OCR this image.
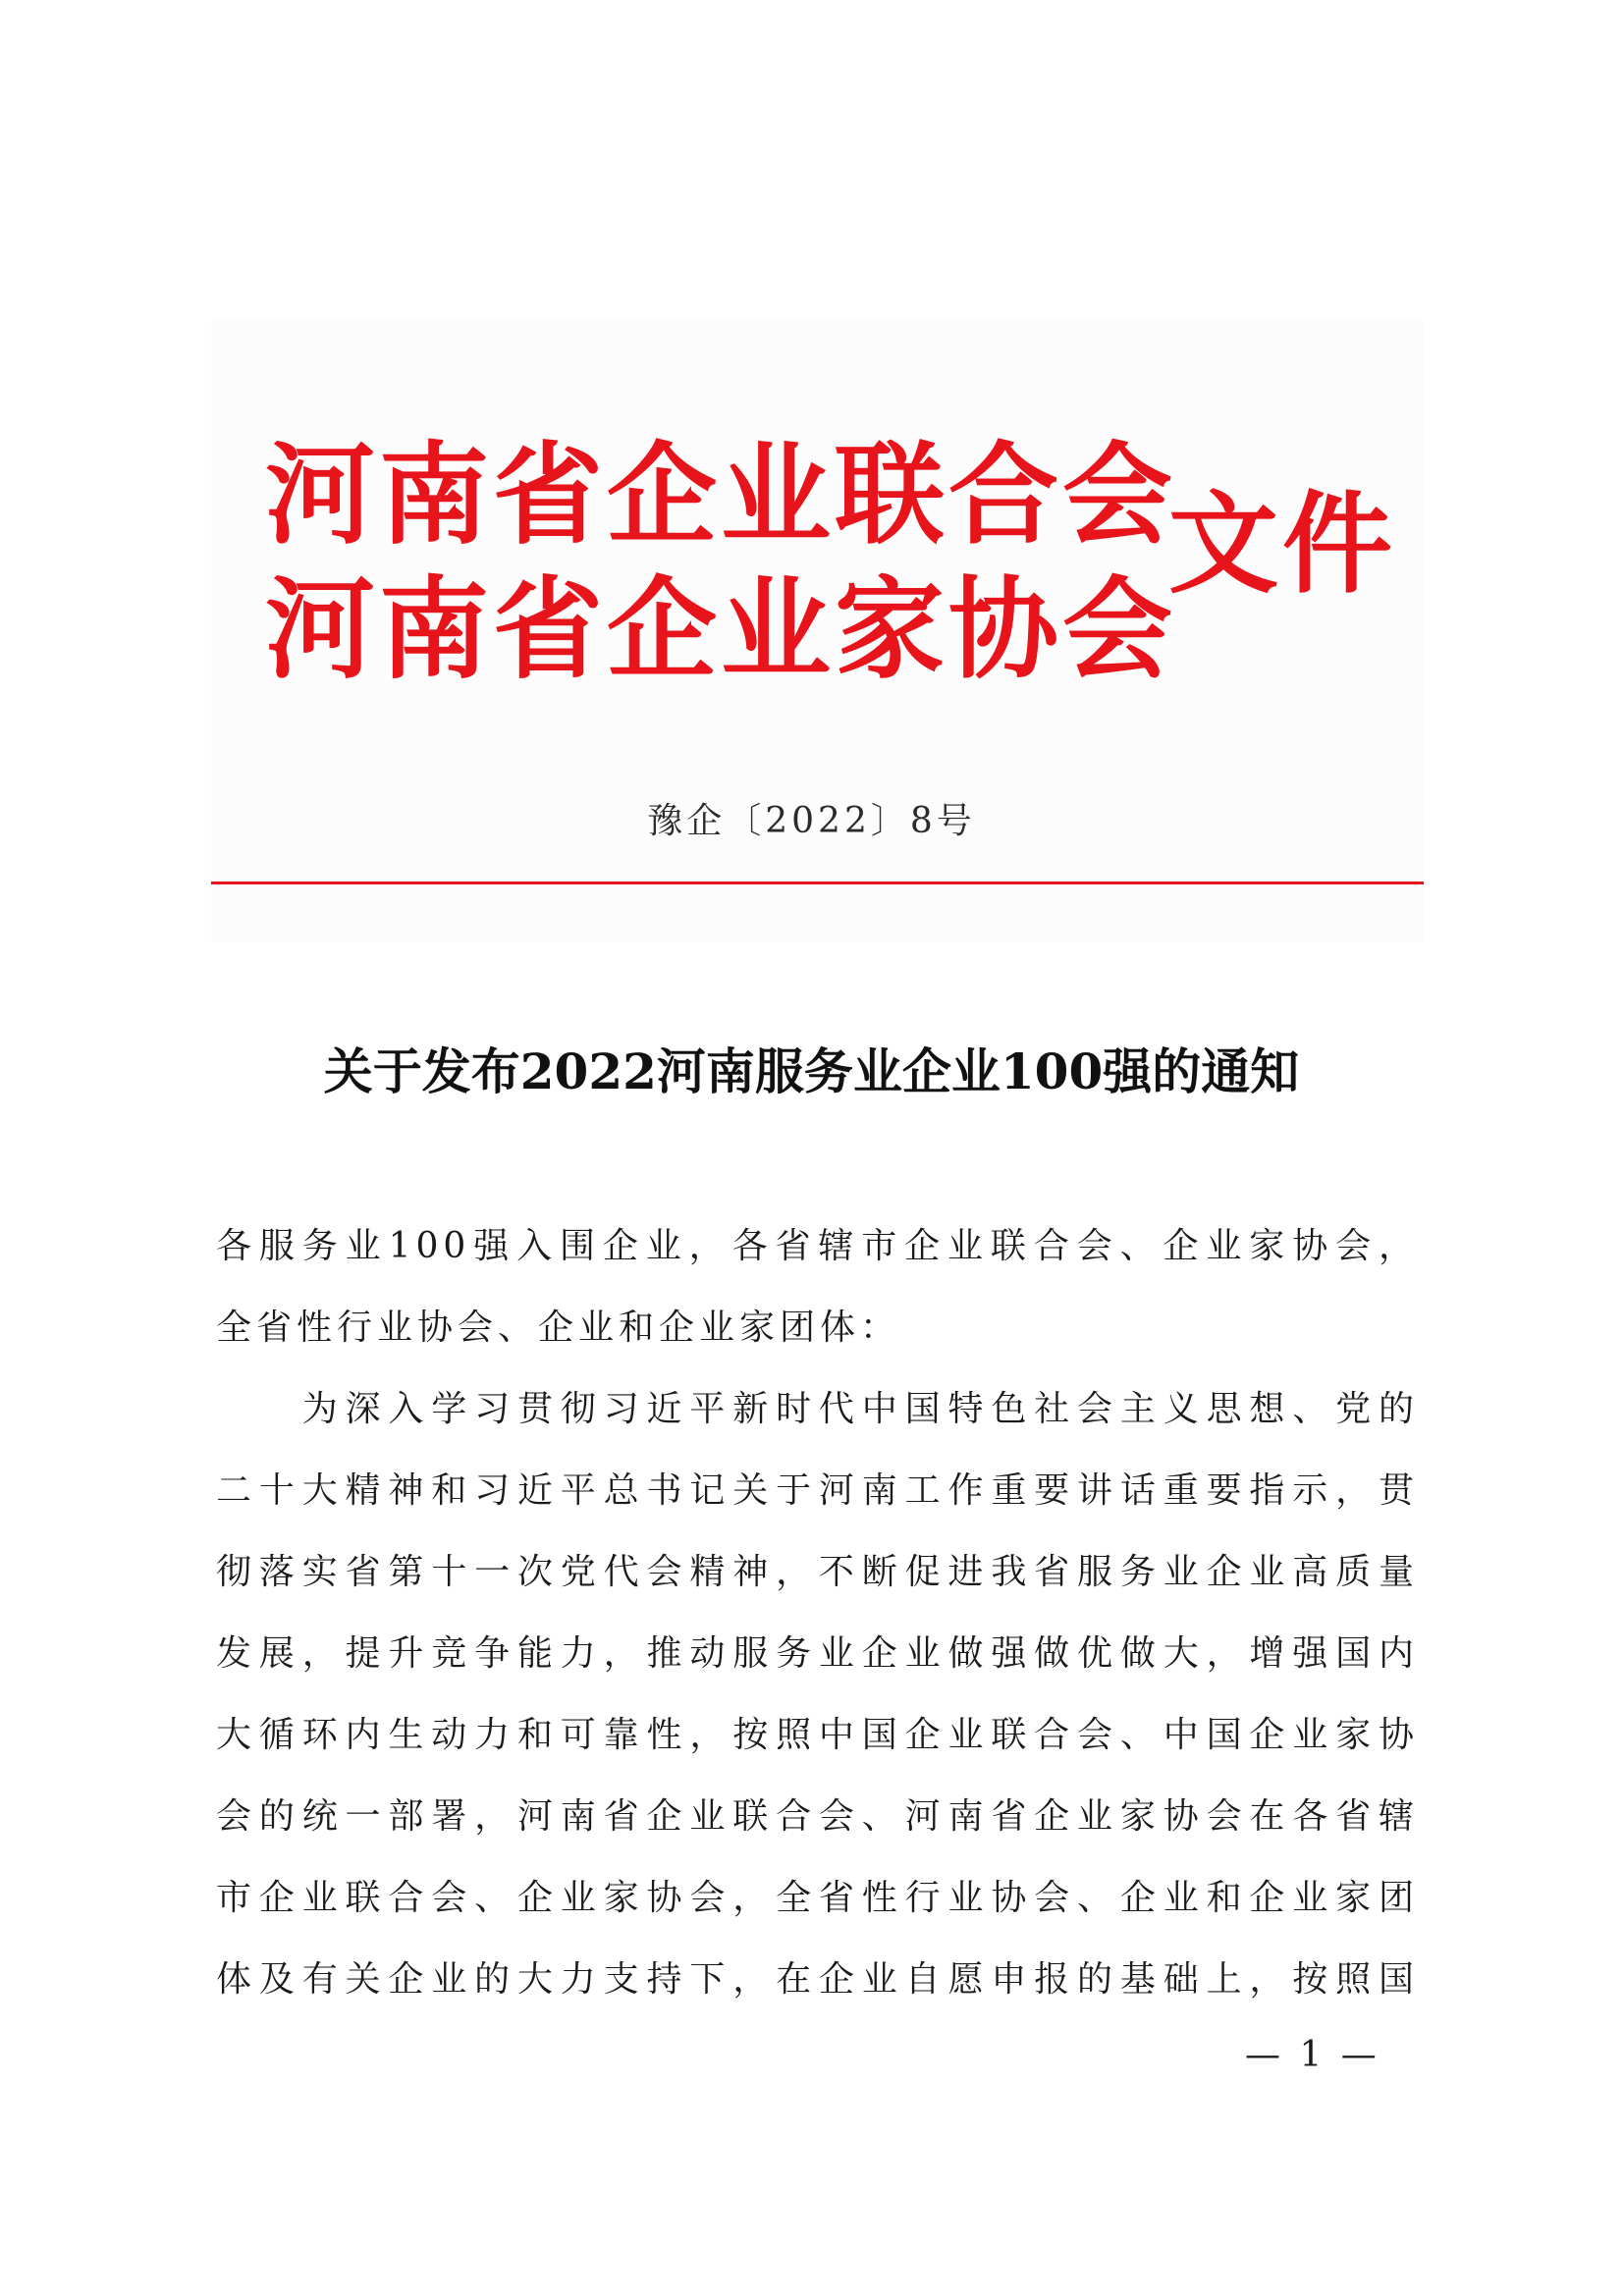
河南省企业联合会
河南省企业家协会
文件
豫企〔2022〕8号
关于发布2022河南服务业企业100强的通知
各服务业100强入围企业，各省辖市企业联合会、企业家协会，
全省性行业协会、企业和企业家团体：
　　为深入学习贯彻习近平新时代中国特色社会主义思想、党的
二十大精神和习近平总书记关于河南工作重要讲话重要指示，贯
彻落实省第十一次党代会精神，不断促进我省服务业企业高质量
发展，提升竞争能力，推动服务业企业做强做优做大，增强国内
大循环内生动力和可靠性，按照中国企业联合会、中国企业家协
会的统一部署，河南省企业联合会、河南省企业家协会在各省辖
市企业联合会、企业家协会，全省性行业协会、企业和企业家团
体及有关企业的大力支持下，在企业自愿申报的基础上，按照国
— 1 —
